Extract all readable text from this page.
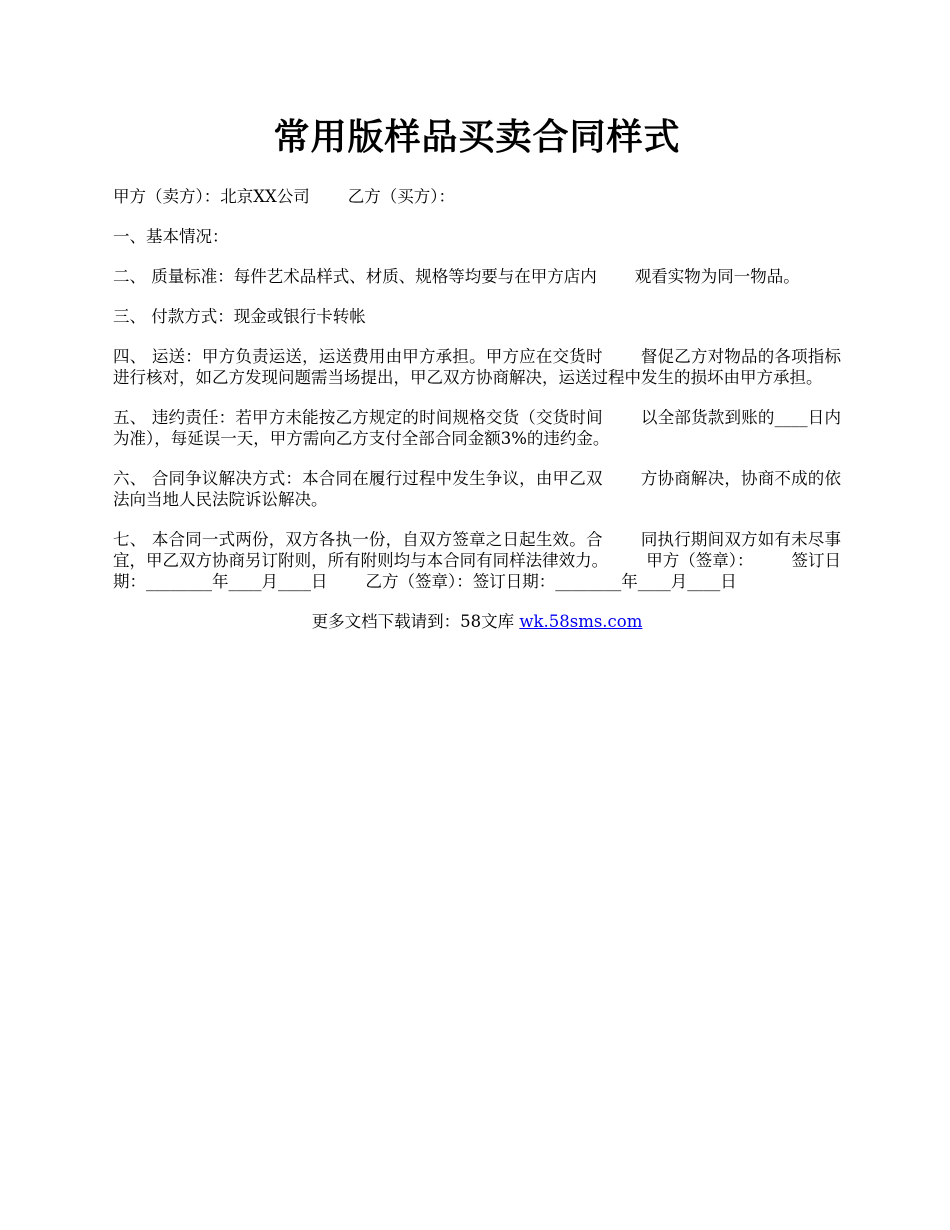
常用版样品买卖合同样式

甲方（卖方）：北京XX公司 乙方（买方）：

一、基本情况：

二、 质量标准：每件艺术品样式、材质、规格等均要与在甲方店内 观看实物为同一物品。

三、 付款方式：现金或银行卡转帐

四、 运送：甲方负责运送，运送费用由甲方承担。甲方应在交货时 督促乙方对物品的各项指标进行核对，如乙方发现问题需当场提出，甲乙双方协商解决，运送过程中发生的损坏由甲方承担。

五、 违约责任：若甲方未能按乙方规定的时间规格交货（交货时间 以全部货款到账的____日内为准），每延误一天，甲方需向乙方支付全部合同金额3%的违约金。

六、 合同争议解决方式：本合同在履行过程中发生争议，由甲乙双 方协商解决，协商不成的依法向当地人民法院诉讼解决。

七、 本合同一式两份，双方各执一份，自双方签章之日起生效。合 同执行期间双方如有未尽事宜，甲乙双方协商另订附则，所有附则均与本合同有同样法律效力。 甲方（签章）： 签订日期：________年____月____日 乙方（签章）：签订日期：________年____月____日

更多文档下载请到：58文库 wk.58sms.com
